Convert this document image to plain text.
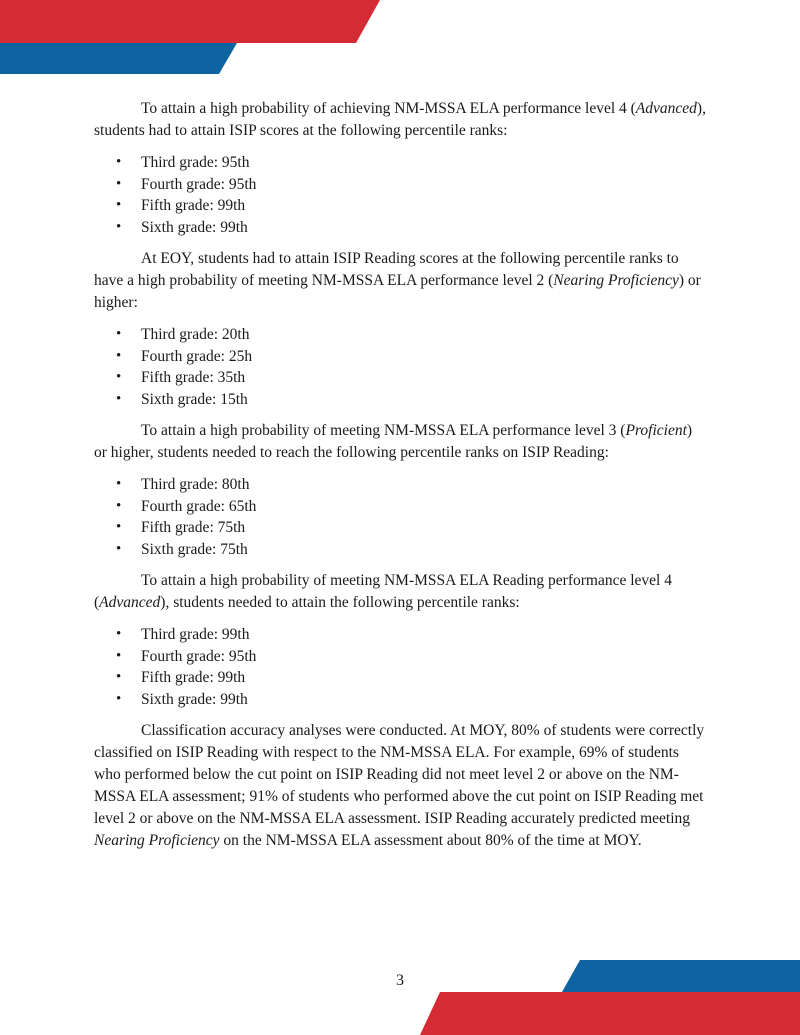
To attain a high probability of achieving NM-MSSA ELA performance level 4 (Advanced), students had to attain ISIP scores at the following percentile ranks:

• Third grade: 95th
• Fourth grade: 95th
• Fifth grade: 99th
• Sixth grade: 99th

At EOY, students had to attain ISIP Reading scores at the following percentile ranks to have a high probability of meeting NM-MSSA ELA performance level 2 (Nearing Proficiency) or higher:

• Third grade: 20th
• Fourth grade: 25h
• Fifth grade: 35th
• Sixth grade: 15th

To attain a high probability of meeting NM-MSSA ELA performance level 3 (Proficient) or higher, students needed to reach the following percentile ranks on ISIP Reading:

• Third grade: 80th
• Fourth grade: 65th
• Fifth grade: 75th
• Sixth grade: 75th

To attain a high probability of meeting NM-MSSA ELA Reading performance level 4 (Advanced), students needed to attain the following percentile ranks:

• Third grade: 99th
• Fourth grade: 95th
• Fifth grade: 99th
• Sixth grade: 99th

Classification accuracy analyses were conducted. At MOY, 80% of students were correctly classified on ISIP Reading with respect to the NM-MSSA ELA. For example, 69% of students who performed below the cut point on ISIP Reading did not meet level 2 or above on the NM-MSSA ELA assessment; 91% of students who performed above the cut point on ISIP Reading met level 2 or above on the NM-MSSA ELA assessment. ISIP Reading accurately predicted meeting Nearing Proficiency on the NM-MSSA ELA assessment about 80% of the time at MOY.

3
